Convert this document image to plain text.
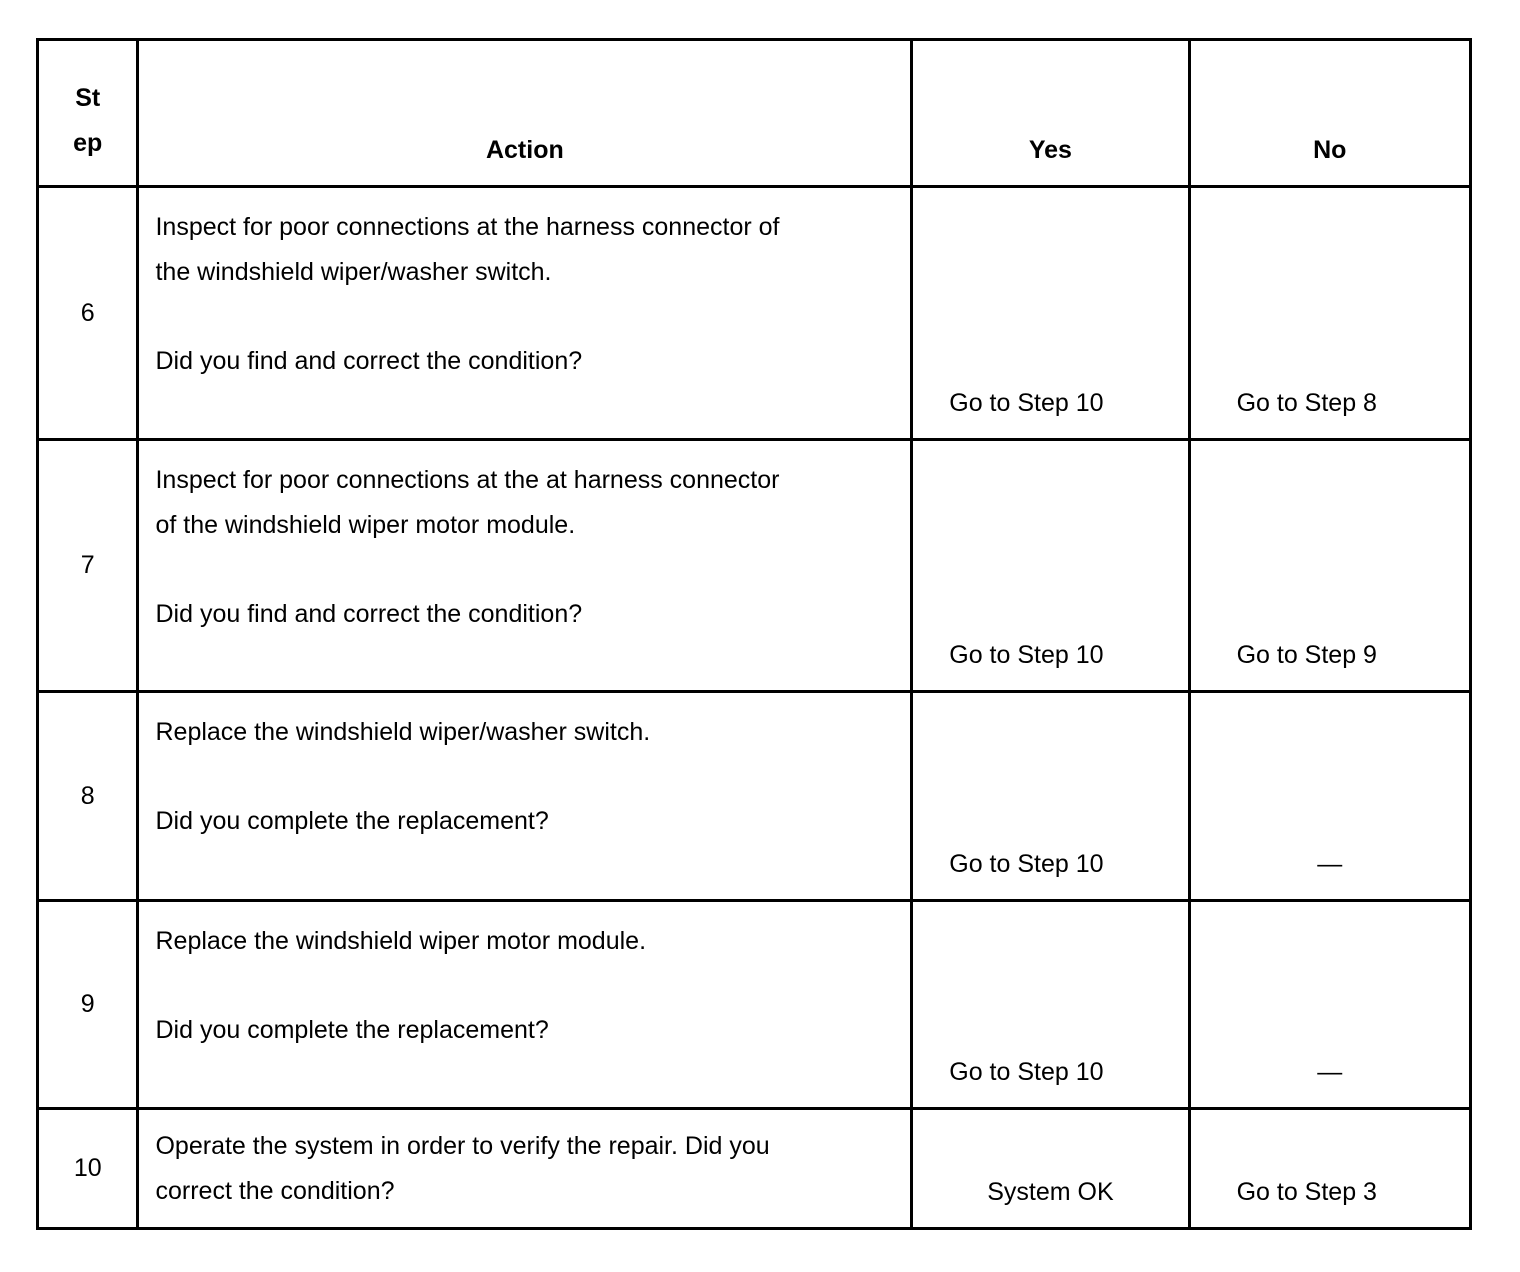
St
ep	Action	Yes	No
6	Inspect for poor connections at the harness connector of
the windshield wiper/washer switch.
Did you find and correct the condition?	Go to Step 10	Go to Step 8
7	Inspect for poor connections at the at harness connector
of the windshield wiper motor module.
Did you find and correct the condition?	Go to Step 10	Go to Step 9
8	Replace the windshield wiper/washer switch.
Did you complete the replacement?	Go to Step 10	—
9	Replace the windshield wiper motor module.
Did you complete the replacement?	Go to Step 10	—
10	Operate the system in order to verify the repair. Did you
correct the condition?	System OK	Go to Step 3
